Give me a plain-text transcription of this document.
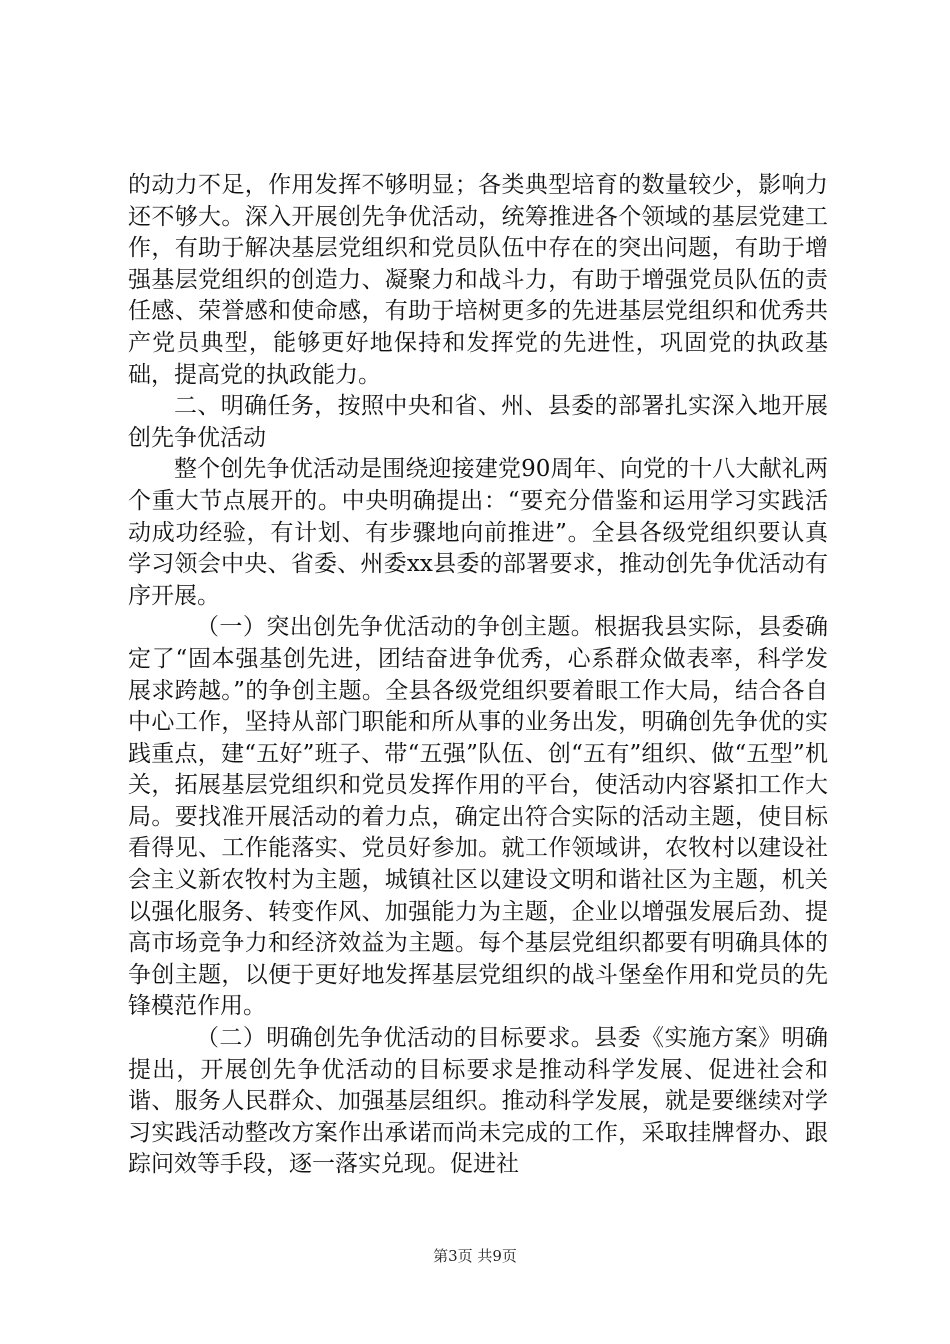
的动力不足，作用发挥不够明显；各类典型培育的数量较少，影响力还不够大。深入开展创先争优活动，统筹推进各个领域的基层党建工作，有助于解决基层党组织和党员队伍中存在的突出问题，有助于增强基层党组织的创造力、凝聚力和战斗力，有助于增强党员队伍的责任感、荣誉感和使命感，有助于培树更多的先进基层党组织和优秀共产党员典型，能够更好地保持和发挥党的先进性，巩固党的执政基础，提高党的执政能力。

二、明确任务，按照中央和省、州、县委的部署扎实深入地开展创先争优活动

整个创先争优活动是围绕迎接建党90周年、向党的十八大献礼两个重大节点展开的。中央明确提出：“要充分借鉴和运用学习实践活动成功经验，有计划、有步骤地向前推进”。全县各级党组织要认真学习领会中央、省委、州委xx县委的部署要求，推动创先争优活动有序开展。

（一）突出创先争优活动的争创主题。根据我县实际，县委确定了“固本强基创先进，团结奋进争优秀，心系群众做表率，科学发展求跨越。”的争创主题。全县各级党组织要着眼工作大局，结合各自中心工作，坚持从部门职能和所从事的业务出发，明确创先争优的实践重点，建“五好”班子、带“五强”队伍、创“五有”组织、做“五型”机关，拓展基层党组织和党员发挥作用的平台，使活动内容紧扣工作大局。要找准开展活动的着力点，确定出符合实际的活动主题，使目标看得见、工作能落实、党员好参加。就工作领域讲，农牧村以建设社会主义新农牧村为主题，城镇社区以建设文明和谐社区为主题，机关以强化服务、转变作风、加强能力为主题，企业以增强发展后劲、提高市场竞争力和经济效益为主题。每个基层党组织都要有明确具体的争创主题，以便于更好地发挥基层党组织的战斗堡垒作用和党员的先锋模范作用。

（二）明确创先争优活动的目标要求。县委《实施方案》明确提出，开展创先争优活动的目标要求是推动科学发展、促进社会和谐、服务人民群众、加强基层组织。推动科学发展，就是要继续对学习实践活动整改方案作出承诺而尚未完成的工作，采取挂牌督办、跟踪问效等手段，逐一落实兑现。促进社

第3页 共9页
